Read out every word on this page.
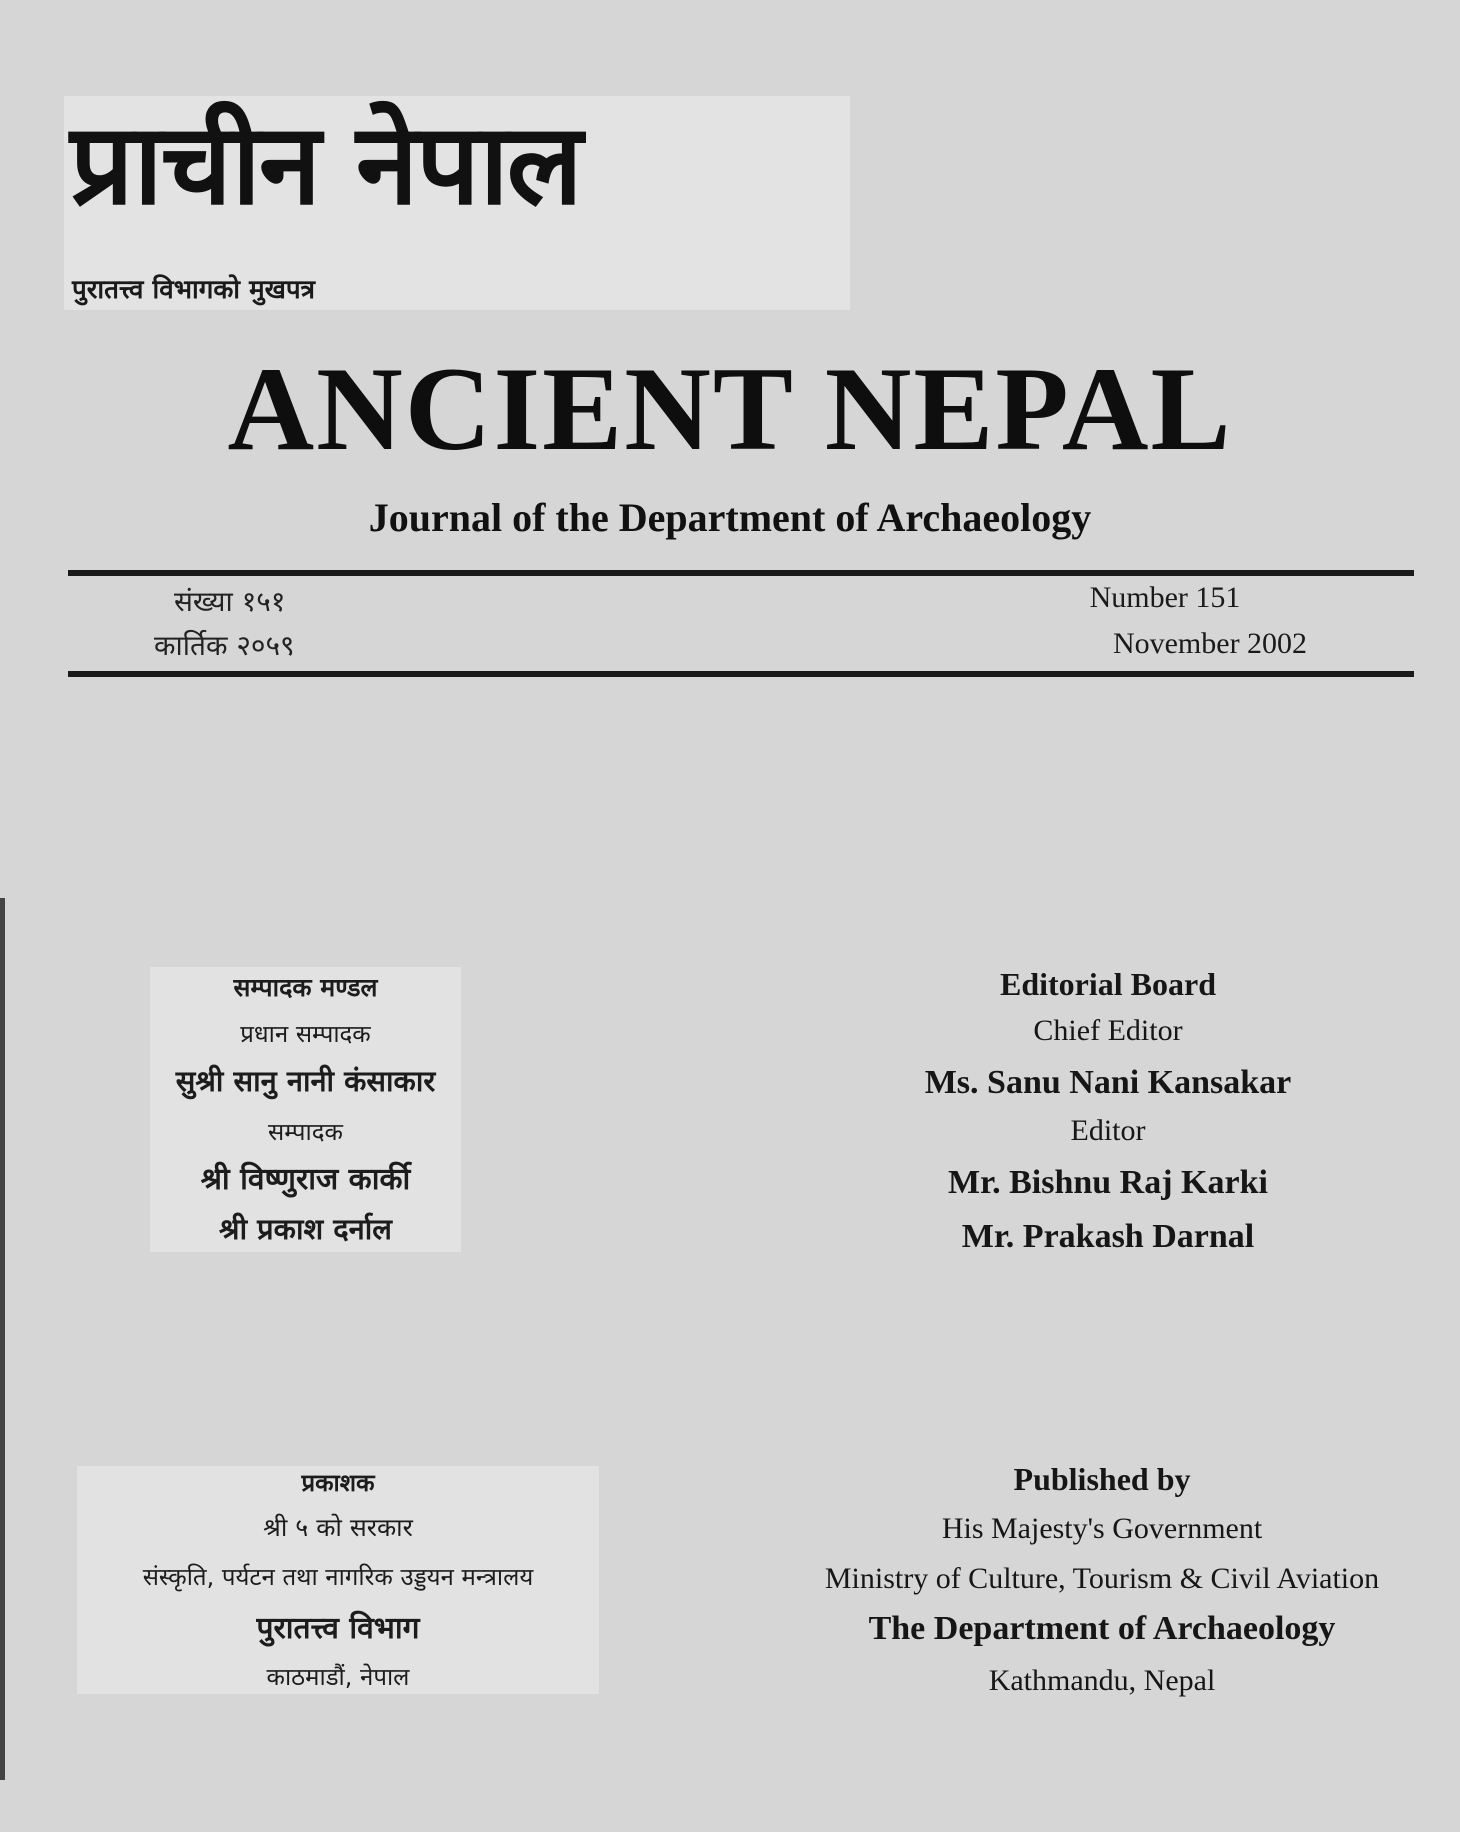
प्राचीन नेपाल
पुरातत्त्व विभागको मुखपत्र
ANCIENT NEPAL
Journal of the Department of Archaeology
संख्या १५१
कार्तिक २०५९
Number 151
November 2002
सम्पादक मण्डल
प्रधान सम्पादक
सुश्री सानु नानी कंसाकार
सम्पादक
श्री विष्णुराज कार्की
श्री प्रकाश दर्नाल
Editorial Board
Chief Editor
Ms. Sanu Nani Kansakar
Editor
Mr. Bishnu Raj Karki
Mr. Prakash Darnal
प्रकाशक
श्री ५ को सरकार
संस्कृति, पर्यटन तथा नागरिक उड्डयन मन्त्रालय
पुरातत्त्व विभाग
काठमाडौं, नेपाल
Published by
His Majesty's Government
Ministry of Culture, Tourism & Civil Aviation
The Department of Archaeology
Kathmandu, Nepal
